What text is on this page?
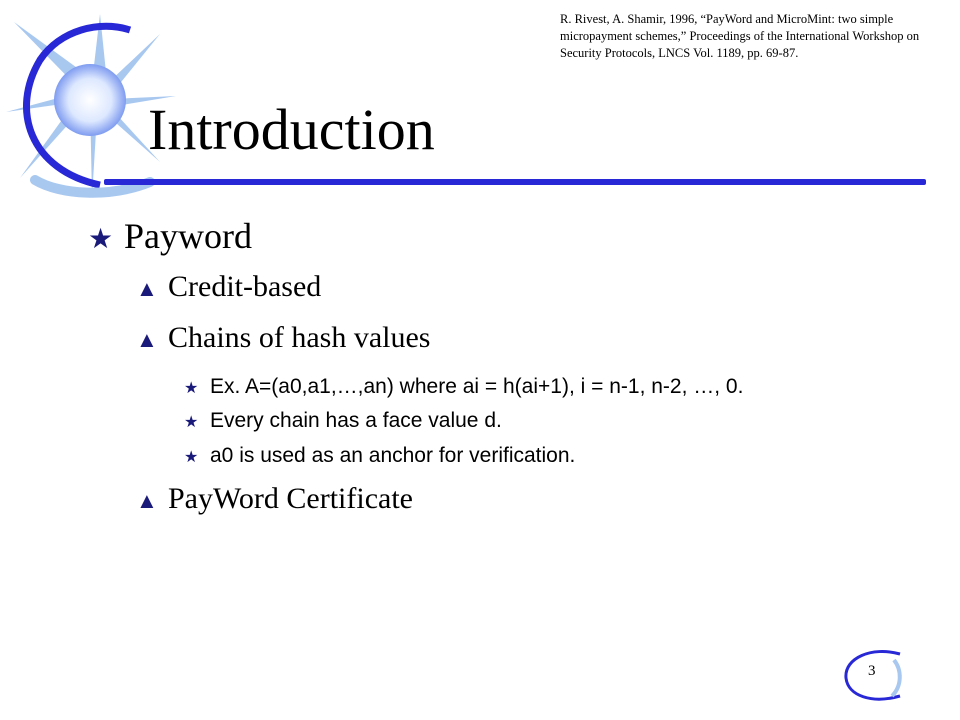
R. Rivest, A. Shamir, 1996, “PayWord and MicroMint: two simple micropayment schemes,” Proceedings of the International Workshop on Security Protocols, LNCS Vol. 1189, pp. 69-87.
Introduction
★ Payword
▲ Credit-based
▲ Chains of hash values
★ Ex. A=(a0,a1,…,an) where ai = h(ai+1), i = n-1, n-2, …, 0.
★ Every chain has a face value d.
★ a0 is used as an anchor for verification.
▲ PayWord Certificate
3
